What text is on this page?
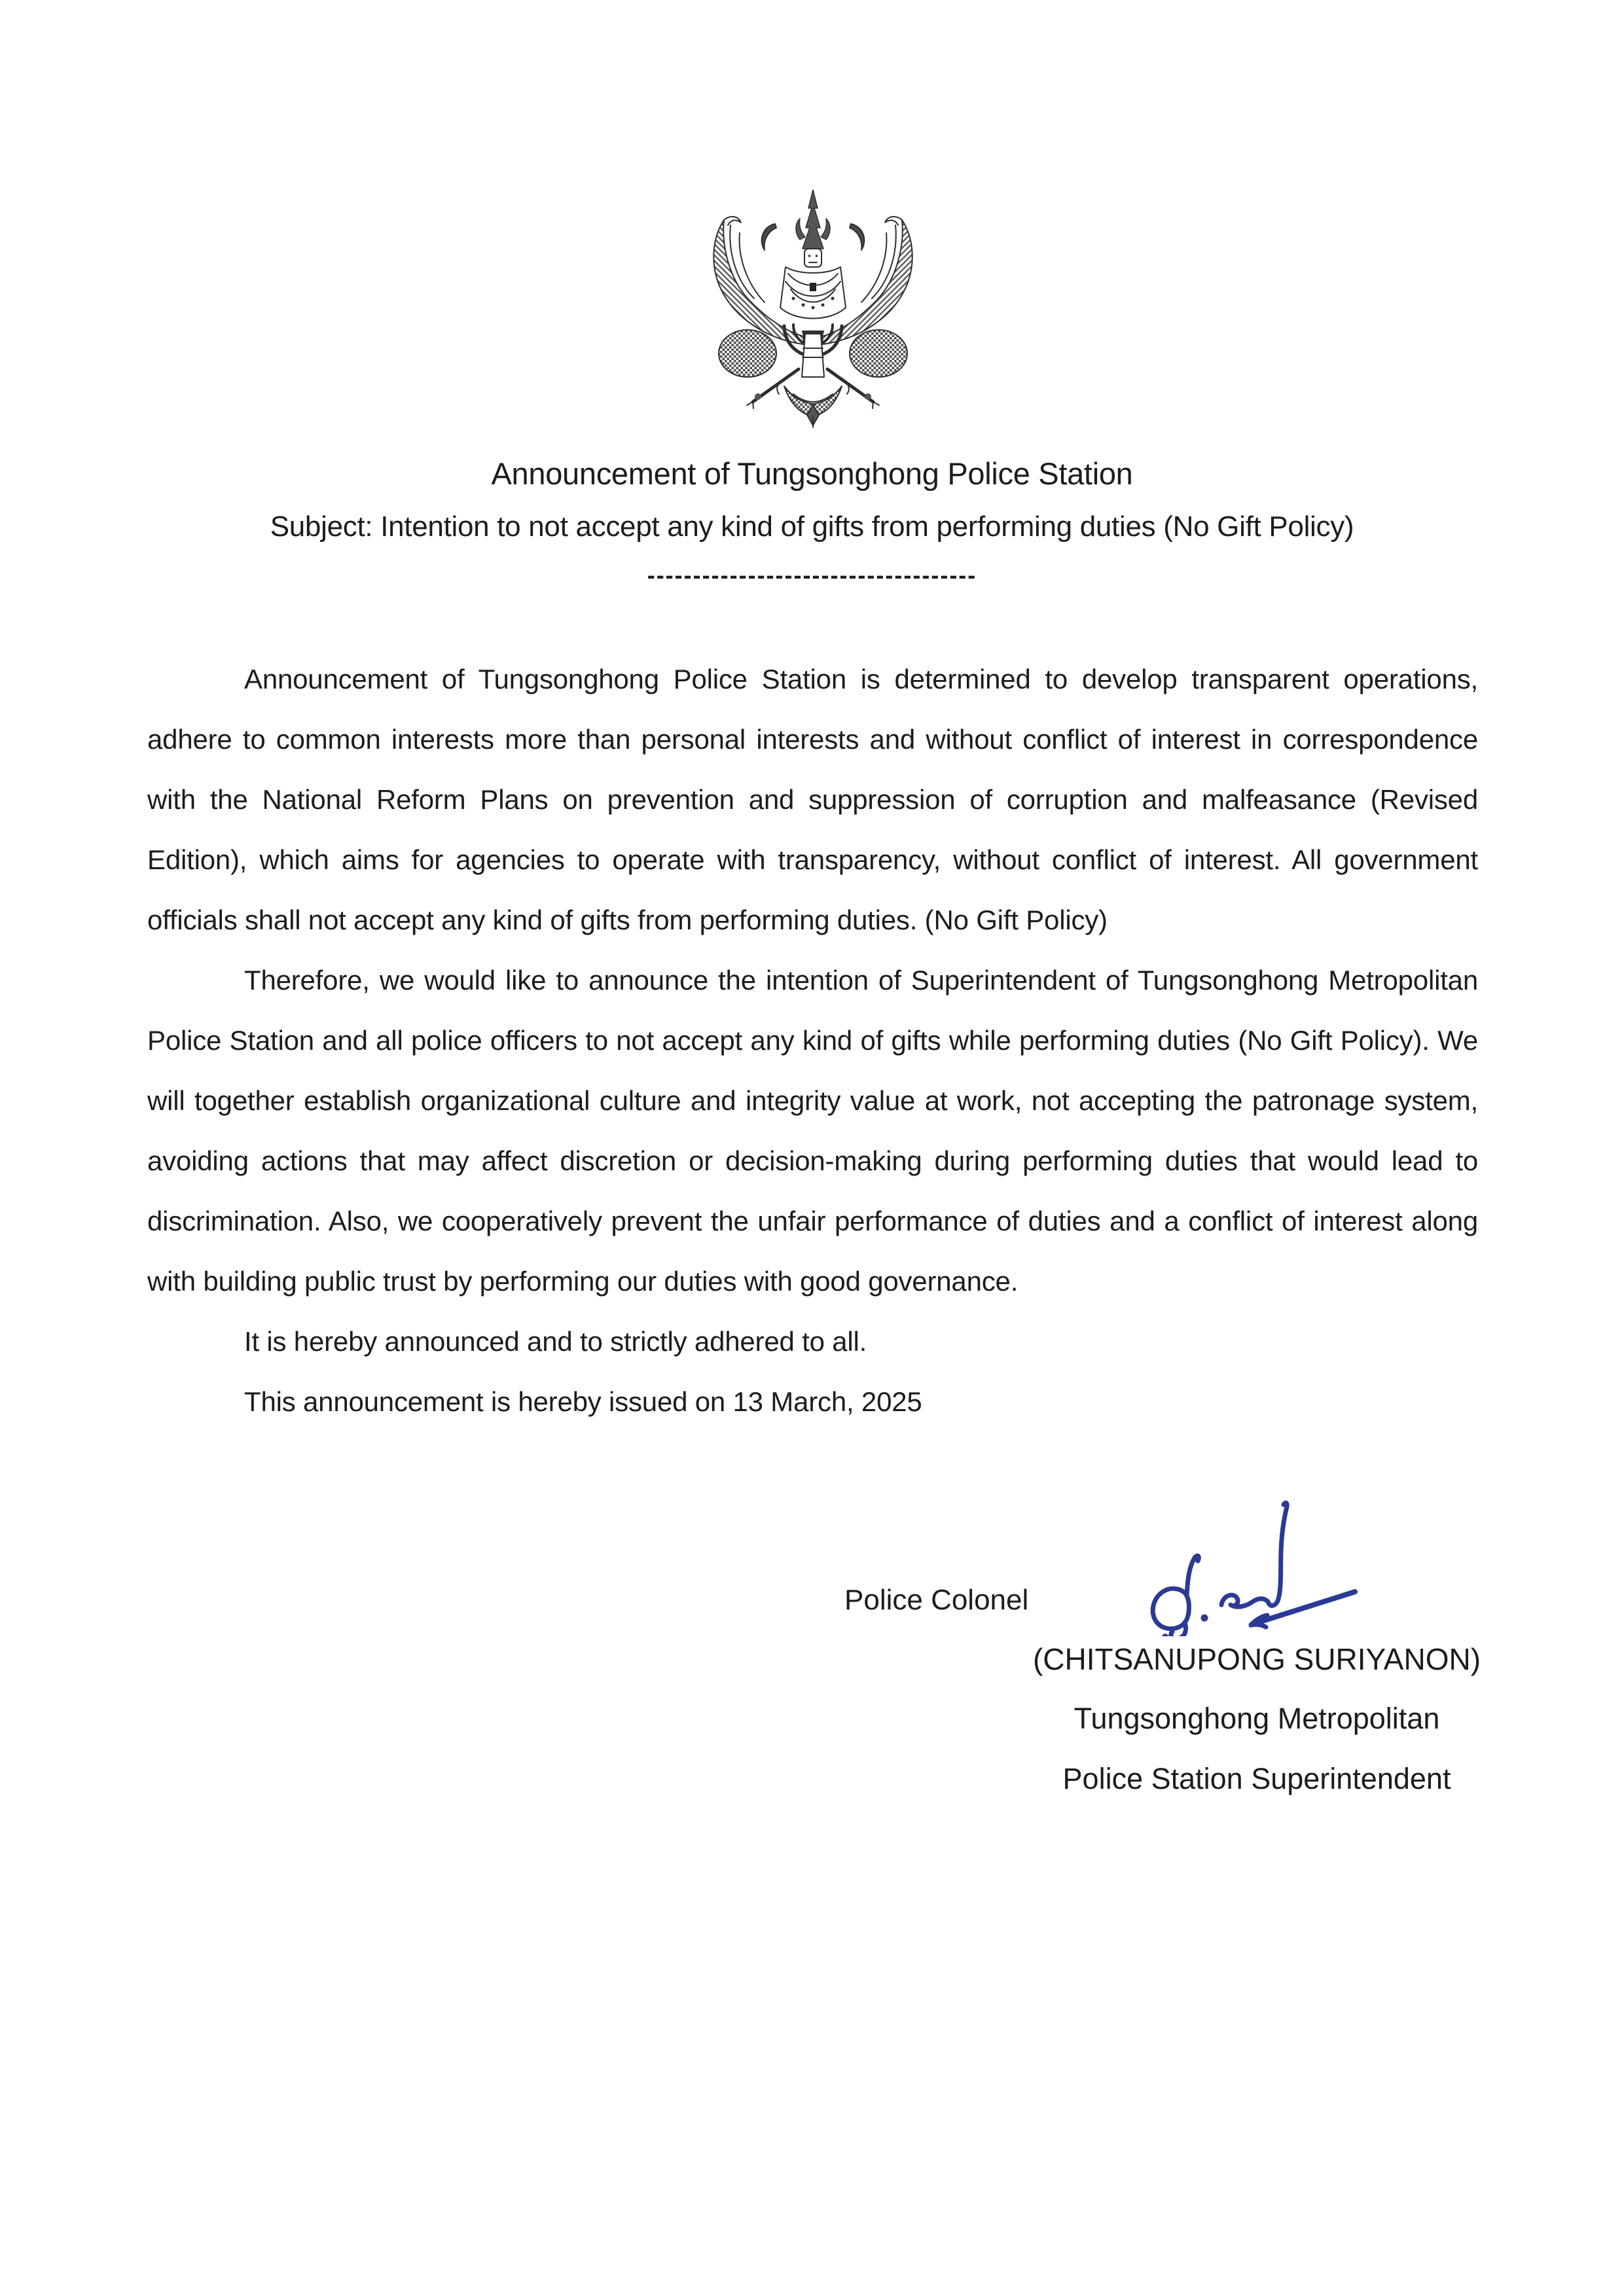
Announcement of Tungsonghong Police Station
Subject: Intention to not accept any kind of gifts from performing duties (No Gift Policy)
------------------------------------

Announcement of Tungsonghong Police Station is determined to develop transparent operations, adhere to common interests more than personal interests and without conflict of interest in correspondence with the National Reform Plans on prevention and suppression of corruption and malfeasance (Revised Edition), which aims for agencies to operate with transparency, without conflict of interest. All government officials shall not accept any kind of gifts from performing duties. (No Gift Policy)

Therefore, we would like to announce the intention of Superintendent of Tungsonghong Metropolitan Police Station and all police officers to not accept any kind of gifts while performing duties (No Gift Policy). We will together establish organizational culture and integrity value at work, not accepting the patronage system, avoiding actions that may affect discretion or decision-making during performing duties that would lead to discrimination. Also, we cooperatively prevent the unfair performance of duties and a conflict of interest along with building public trust by performing our duties with good governance.

It is hereby announced and to strictly adhered to all.

This announcement is hereby issued on 13 March, 2025

Police Colonel
(CHITSANUPONG SURIYANON)
Tungsonghong Metropolitan
Police Station Superintendent
